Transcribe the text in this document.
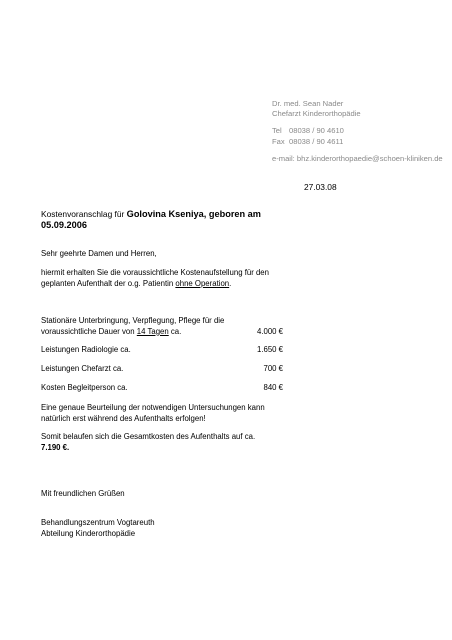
Dr. med. Sean Nader
Chefarzt Kinderorthopädie
Tel 08038 / 90 4610
Fax 08038 / 90 4611
e-mail: bhz.kinderorthopaedie@schoen-kliniken.de
27.03.08
Kostenvoranschlag für Golovina Kseniya, geboren am
05.09.2006
Sehr geehrte Damen und Herren,
hiermit erhalten Sie die voraussichtliche Kostenaufstellung für den
geplanten Aufenthalt der o.g. Patientin ohne Operation.
Stationäre Unterbringung, Verpflegung, Pflege für die
voraussichtliche Dauer von 14 Tagen ca.	4.000 €
Leistungen Radiologie ca.	1.650 €
Leistungen Chefarzt ca.	700 €
Kosten Begleitperson ca.	840 €
Eine genaue Beurteilung der notwendigen Untersuchungen kann
natürlich erst während des Aufenthalts erfolgen!
Somit belaufen sich die Gesamtkosten des Aufenthalts auf ca.
7.190 €.
Mit freundlichen Grüßen
Behandlungszentrum Vogtareuth
Abteilung Kinderorthopädie
